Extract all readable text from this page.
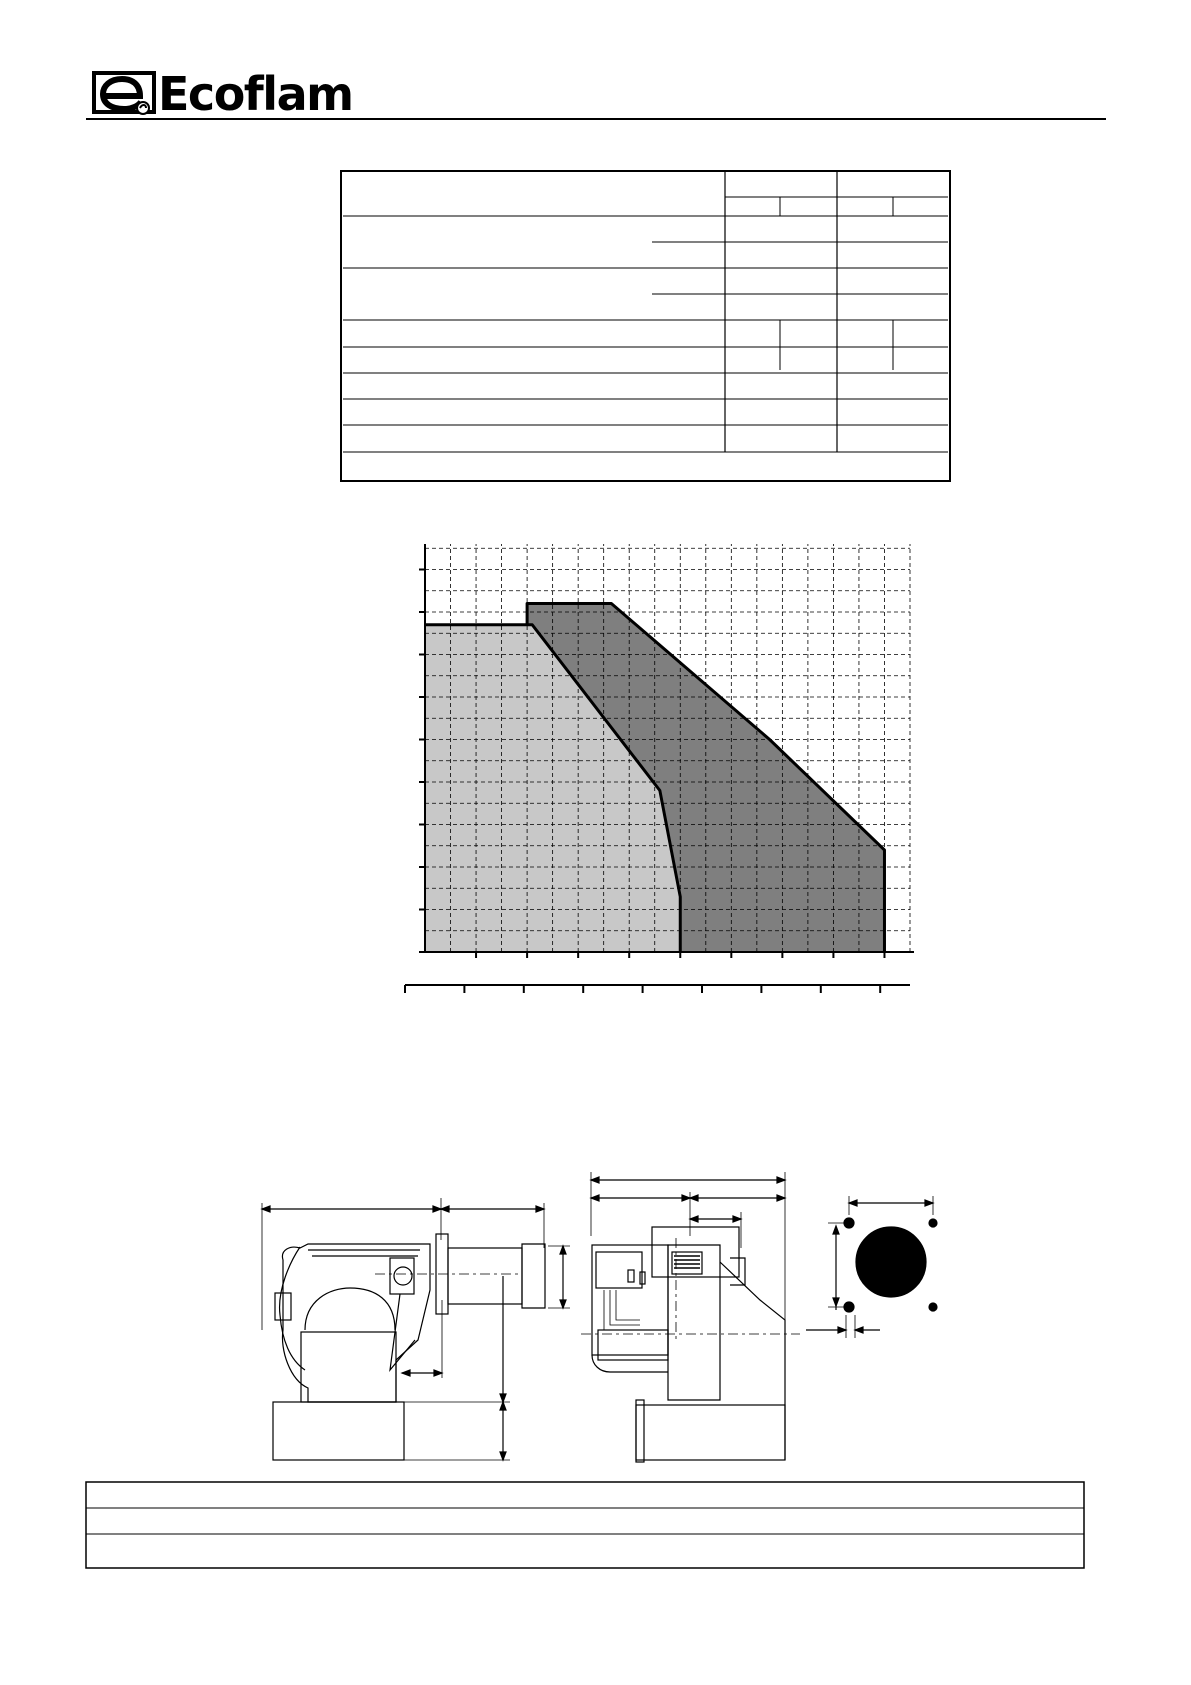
Ecoflam
